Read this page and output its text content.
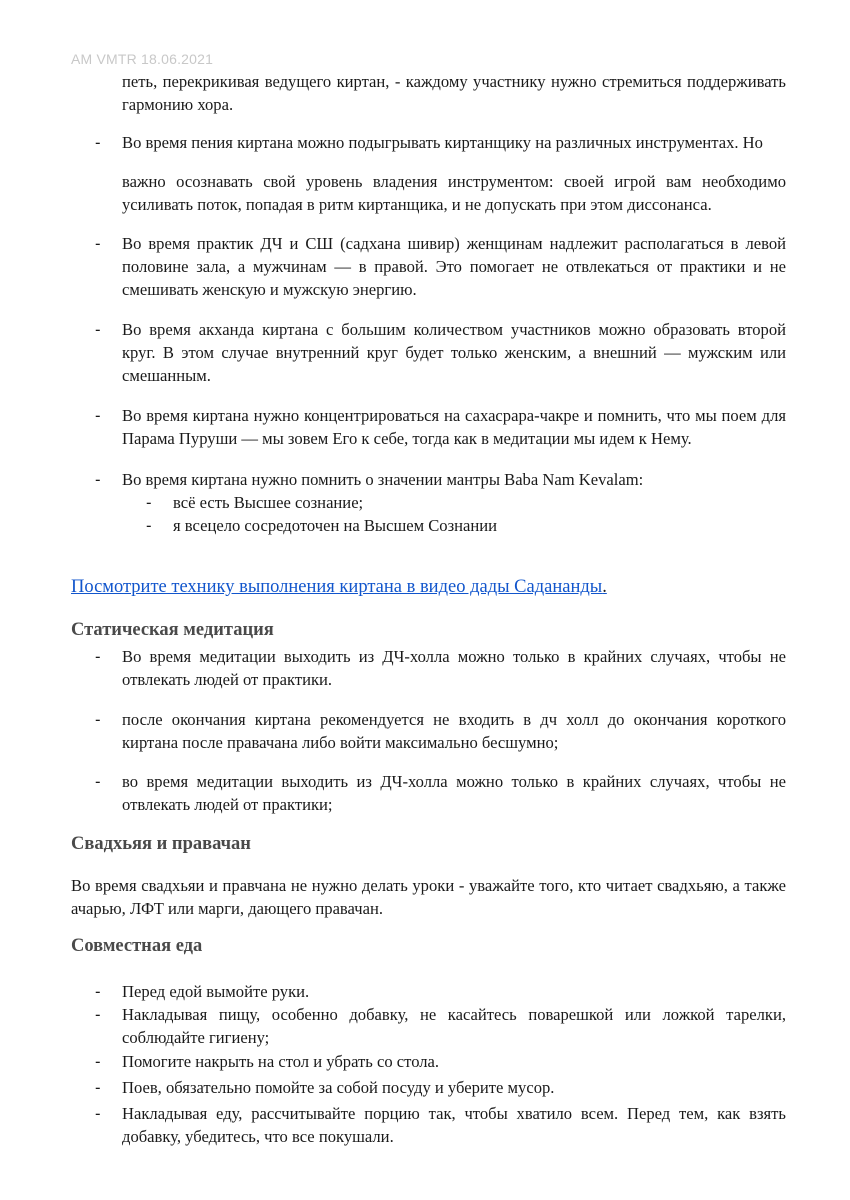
AM VMTR 18.06.2021
петь, перекрикивая ведущего киртан, - каждому участнику нужно стремиться поддерживать гармонию хора.
- Во время пения киртана можно подыгрывать киртанщику на различных инструментах. Но
важно осознавать свой уровень владения инструментом: своей игрой вам необходимо усиливать поток, попадая в ритм киртанщика, и не допускать при этом диссонанса.
- Во время практик ДЧ и СШ (садхана шивир) женщинам надлежит располагаться в левой половине зала, а мужчинам — в правой. Это помогает не отвлекаться от практики и не смешивать женскую и мужскую энергию.
- Во время акханда киртана с большим количеством участников можно образовать второй круг. В этом случае внутренний круг будет только женским, а внешний — мужским или смешанным.
- Во время киртана нужно концентрироваться на сахасрара-чакре и помнить, что мы поем для Парама Пуруши — мы зовем Его к себе, тогда как в медитации мы идем к Нему.
- Во время киртана нужно помнить о значении мантры Baba Nam Kevalam:
- всё есть Высшее сознание;
- я всецело сосредоточен на Высшем Сознании
Посмотрите технику выполнения киртана в видео дады Садананды.
Статическая медитация
- Во время медитации выходить из ДЧ-холла можно только в крайних случаях, чтобы не отвлекать людей от практики.
- после окончания киртана рекомендуется не входить в дч холл до окончания короткого киртана после правачана либо войти максимально бесшумно;
- во время медитации выходить из ДЧ-холла можно только в крайних случаях, чтобы не отвлекать людей от практики;
Свадхьяя и правачан
Во время свадхьяи и правчана не нужно делать уроки - уважайте того, кто читает свадхьяю, а также ачарью, ЛФТ или марги, дающего правачан.
Совместная еда
- Перед едой вымойте руки.
- Накладывая пищу, особенно добавку, не касайтесь поварешкой или ложкой тарелки, соблюдайте гигиену;
- Помогите накрыть на стол и убрать со стола.
- Поев, обязательно помойте за собой посуду и уберите мусор.
- Накладывая еду, рассчитывайте порцию так, чтобы хватило всем. Перед тем, как взять добавку, убедитесь, что все покушали.
